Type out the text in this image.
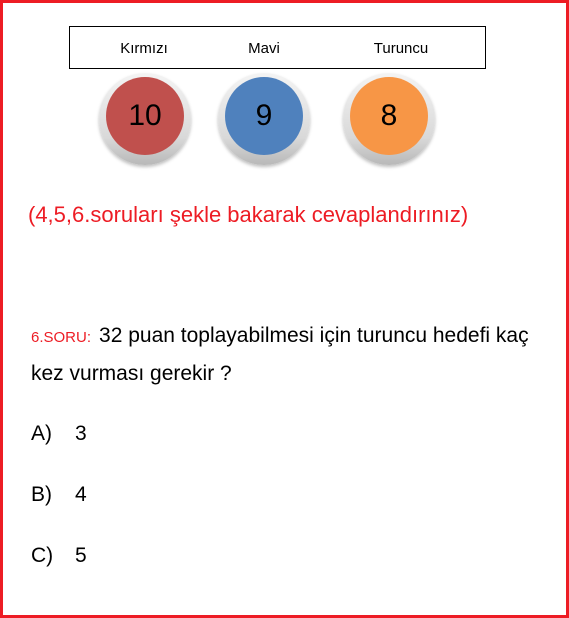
Kırmızı	Mavi	Turuncu
10	9	8
(4,5,6.soruları şekle bakarak cevaplandırınız)
6.SORU: 32 puan toplayabilmesi için turuncu hedefi kaç kez vurması gerekir ?
A) 3
B) 4
C) 5
